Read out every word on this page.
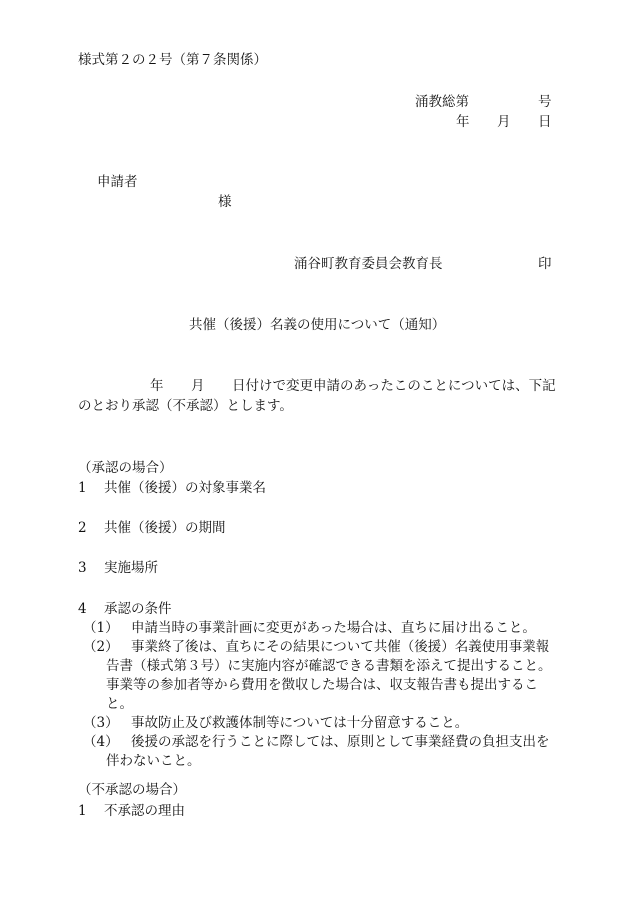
様式第２の２号（第７条関係）
涌教総第	号
年 月 日
申請者
様
涌谷町教育委員会教育長	印
共催（後援）名義の使用について（通知）
年 月 日付けで変更申請のあったこのことについては、下記
のとおり承認（不承認）とします。
（承認の場合）
1 共催（後援）の対象事業名
2 共催（後援）の期間
3 実施場所
4 承認の条件
（1） 申請当時の事業計画に変更があった場合は、直ちに届け出ること。
（2） 事業終了後は、直ちにその結果について共催（後援）名義使用事業報
告書（様式第３号）に実施内容が確認できる書類を添えて提出すること。
事業等の参加者等から費用を徴収した場合は、収支報告書も提出すること。
（3） 事故防止及び救護体制等については十分留意すること。
（4） 後援の承認を行うことに際しては、原則として事業経費の負担支出を
伴わないこと。
（不承認の場合）
1 不承認の理由
